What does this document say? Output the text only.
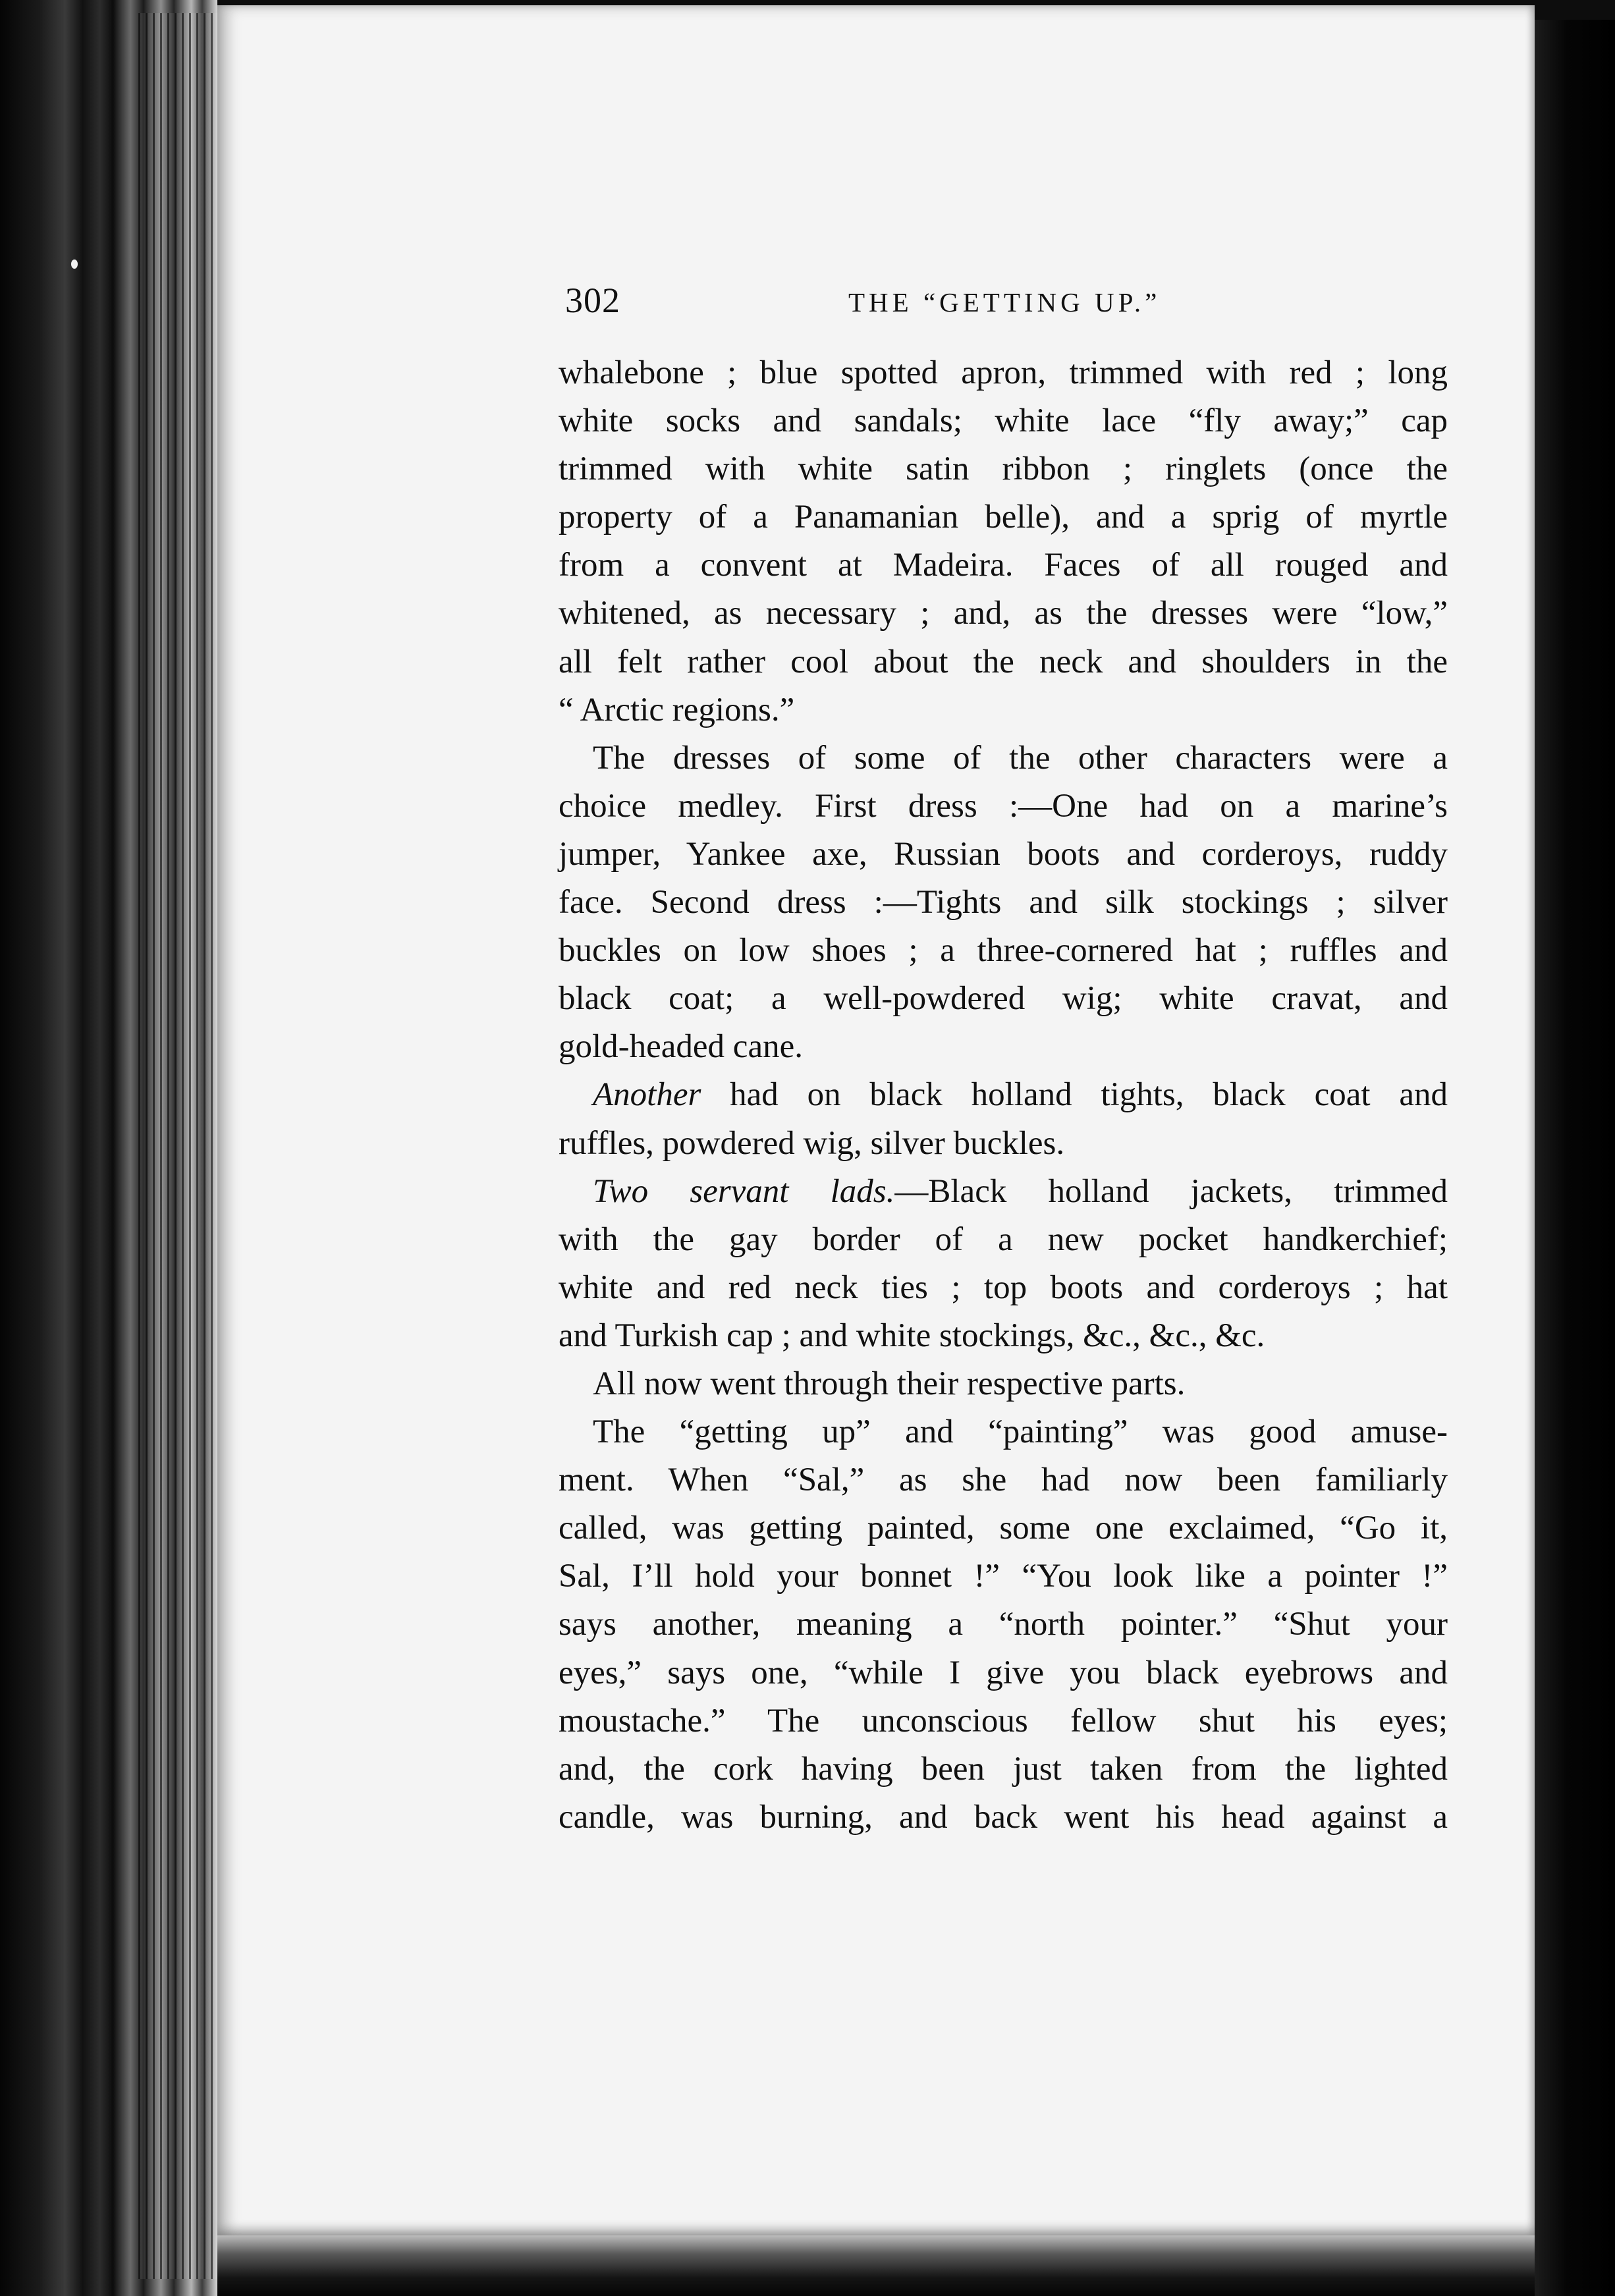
302	THE “GETTING UP.”
whalebone ; blue spotted apron, trimmed with red ; long
white socks and sandals; white lace “fly away;” cap
trimmed with white satin ribbon ; ringlets (once the
property of a Panamanian belle), and a sprig of myrtle
from a convent at Madeira. Faces of all rouged and
whitened, as necessary ; and, as the dresses were “low,”
all felt rather cool about the neck and shoulders in the
“ Arctic regions.”
The dresses of some of the other characters were a
choice medley. First dress :—One had on a marine’s
jumper, Yankee axe, Russian boots and corderoys, ruddy
face. Second dress :—Tights and silk stockings ; silver
buckles on low shoes ; a three-cornered hat ; ruffles and
black coat; a well-powdered wig; white cravat, and
gold-headed cane.
Another had on black holland tights, black coat and
ruffles, powdered wig, silver buckles.
Two servant lads.—Black holland jackets, trimmed
with the gay border of a new pocket handkerchief;
white and red neck ties ; top boots and corderoys ; hat
and Turkish cap ; and white stockings, &c., &c., &c.
All now went through their respective parts.
The “getting up” and “painting” was good amuse-
ment. When “Sal,” as she had now been familiarly
called, was getting painted, some one exclaimed, “Go it,
Sal, I’ll hold your bonnet !” “You look like a pointer !”
says another, meaning a “north pointer.” “Shut your
eyes,” says one, “while I give you black eyebrows and
moustache.” The unconscious fellow shut his eyes;
and, the cork having been just taken from the lighted
candle, was burning, and back went his head against a
